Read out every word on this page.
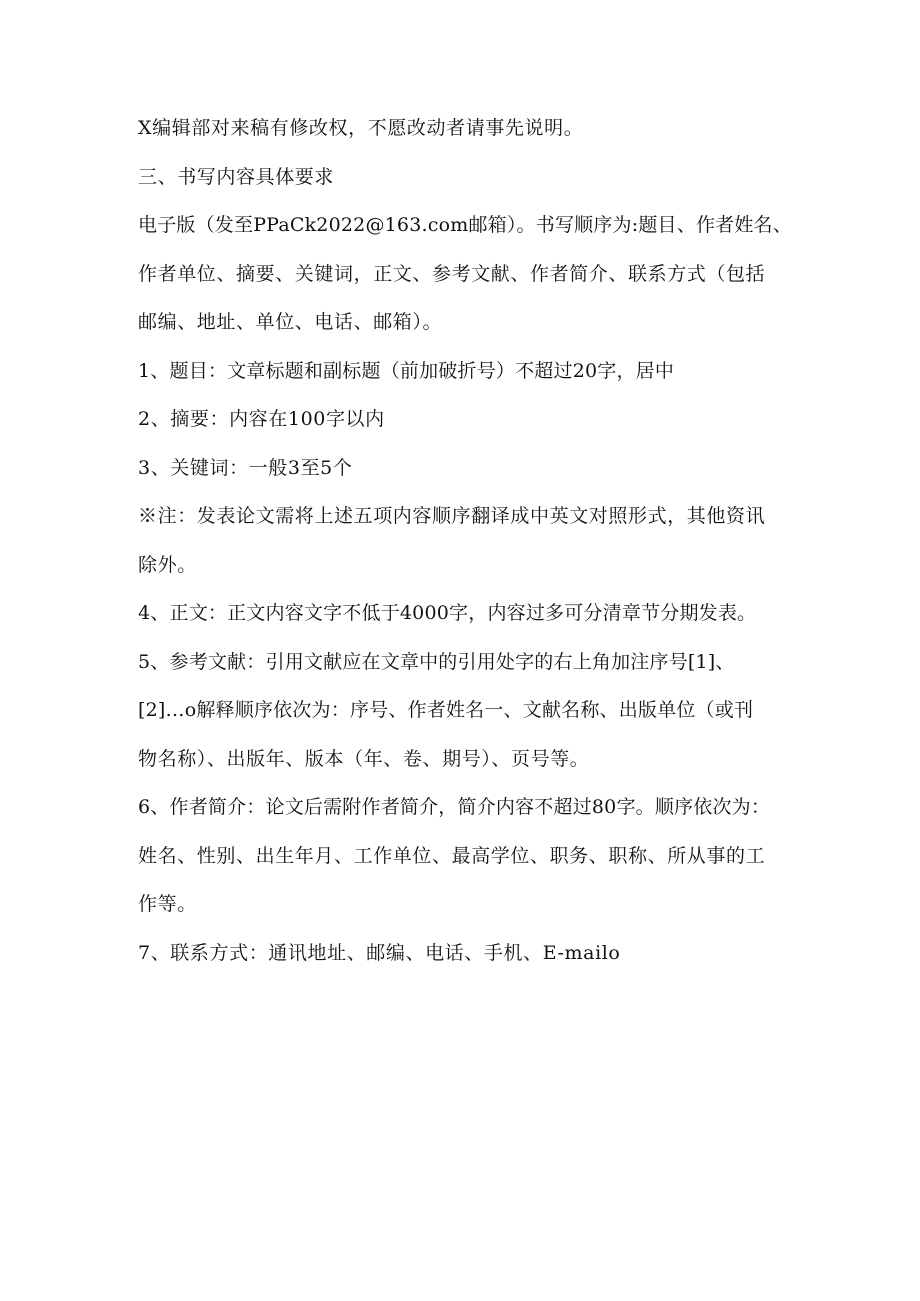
X编辑部对来稿有修改权，不愿改动者请事先说明。
三、书写内容具体要求
电子版（发至PPaCk2022@163.com邮箱）。书写顺序为:题目、作者姓名、
作者单位、摘要、关键词，正文、参考文献、作者简介、联系方式（包括
邮编、地址、单位、电话、邮箱）。
1、题目：文章标题和副标题（前加破折号）不超过20字，居中
2、摘要：内容在100字以内
3、关键词：一般3至5个
※注：发表论文需将上述五项内容顺序翻译成中英文对照形式，其他资讯
除外。
4、正文：正文内容文字不低于4000字，内容过多可分清章节分期发表。
5、参考文献：引用文献应在文章中的引用处字的右上角加注序号[1]、
[2]…o解释顺序依次为：序号、作者姓名一、文献名称、出版单位（或刊
物名称）、出版年、版本（年、卷、期号）、页号等。
6、作者简介：论文后需附作者简介，简介内容不超过80字。顺序依次为：
姓名、性别、出生年月、工作单位、最高学位、职务、职称、所从事的工
作等。
7、联系方式：通讯地址、邮编、电话、手机、E-mailo
